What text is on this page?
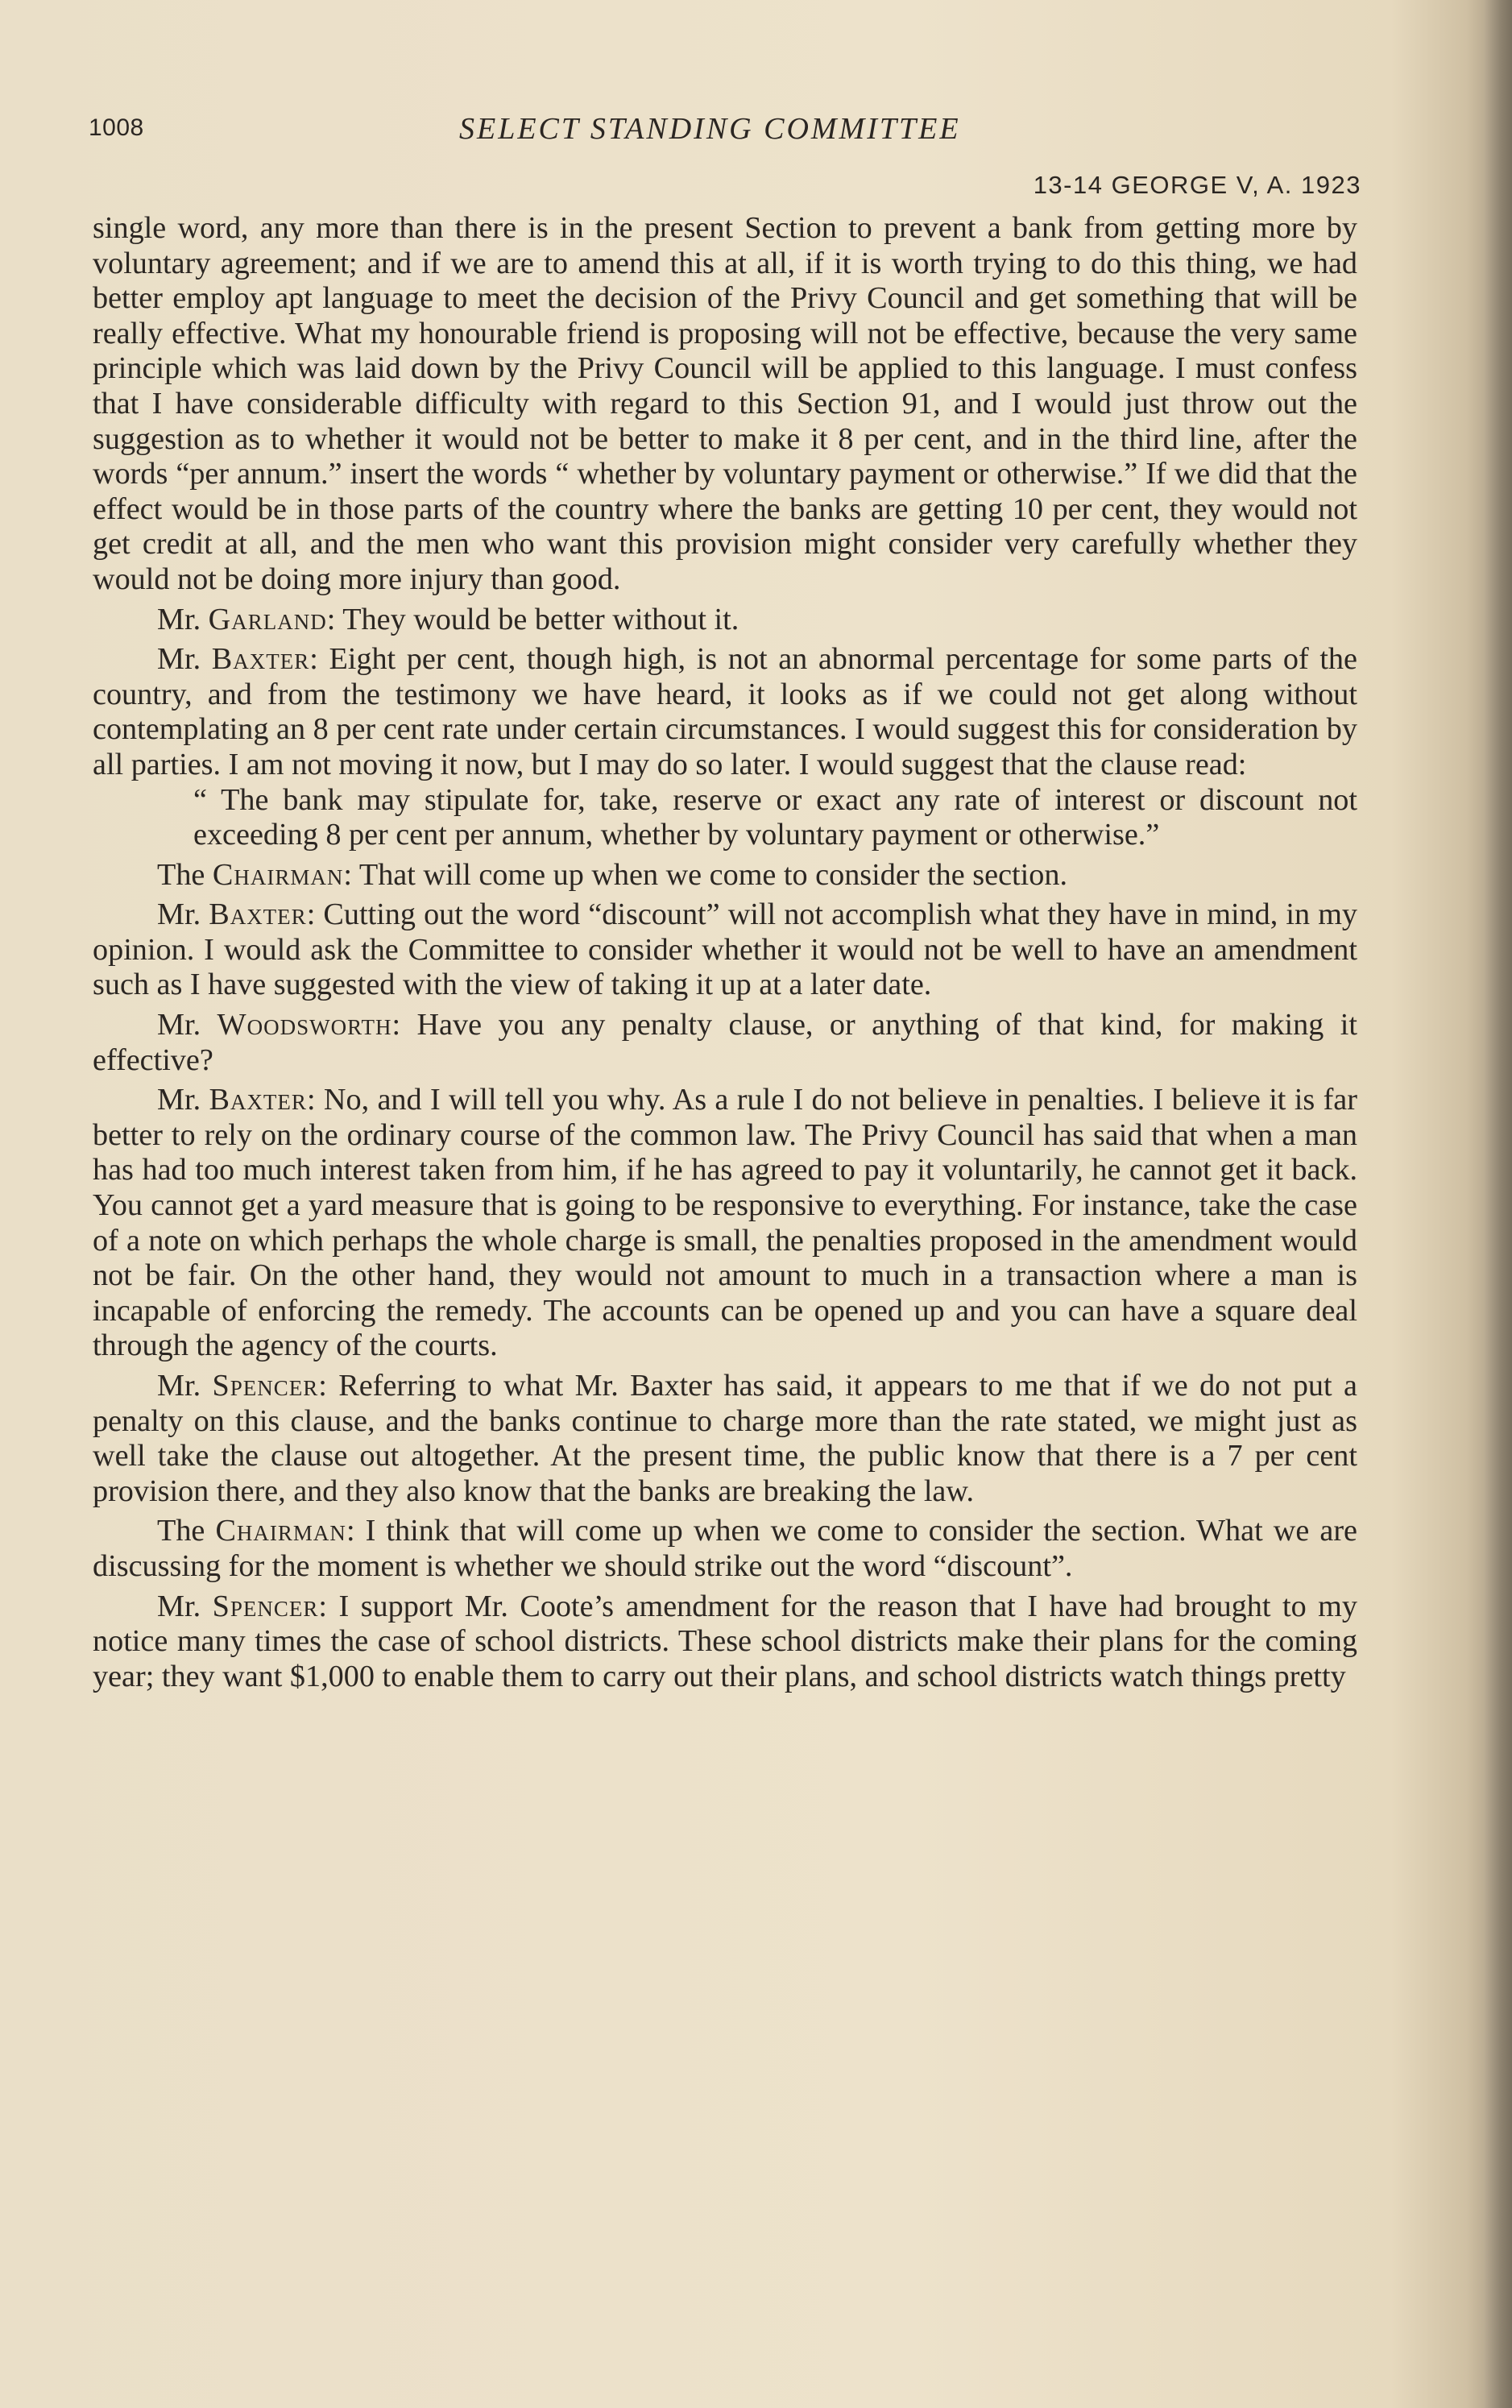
1008	SELECT STANDING COMMITTEE
13-14 GEORGE V, A. 1923

single word, any more than there is in the present Section to prevent a bank from getting more by voluntary agreement; and if we are to amend this at all, if it is worth trying to do this thing, we had better employ apt language to meet the decision of the Privy Council and get something that will be really effective. What my honourable friend is proposing will not be effective, because the very same principle which was laid down by the Privy Council will be applied to this language. I must confess that I have considerable difficulty with regard to this Section 91, and I would just throw out the suggestion as to whether it would not be better to make it 8 per cent, and in the third line, after the words “per annum.” insert the words “ whether by voluntary payment or otherwise.” If we did that the effect would be in those parts of the country where the banks are getting 10 per cent, they would not get credit at all, and the men who want this provision might consider very carefully whether they would not be doing more injury than good.

Mr. Garland: They would be better without it.

Mr. Baxter: Eight per cent, though high, is not an abnormal percentage for some parts of the country, and from the testimony we have heard, it looks as if we could not get along without contemplating an 8 per cent rate under certain circumstances. I would suggest this for consideration by all parties. I am not moving it now, but I may do so later. I would suggest that the clause read:

“ The bank may stipulate for, take, reserve or exact any rate of interest or discount not exceeding 8 per cent per annum, whether by voluntary payment or otherwise.”

The Chairman: That will come up when we come to consider the section.

Mr. Baxter: Cutting out the word “discount” will not accomplish what they have in mind, in my opinion. I would ask the Committee to consider whether it would not be well to have an amendment such as I have suggested with the view of taking it up at a later date.

Mr. Woodsworth: Have you any penalty clause, or anything of that kind, for making it effective?

Mr. Baxter: No, and I will tell you why. As a rule I do not believe in penalties. I believe it is far better to rely on the ordinary course of the common law. The Privy Council has said that when a man has had too much interest taken from him, if he has agreed to pay it voluntarily, he cannot get it back. You cannot get a yard measure that is going to be responsive to everything. For instance, take the case of a note on which perhaps the whole charge is small, the penalties proposed in the amendment would not be fair. On the other hand, they would not amount to much in a transaction where a man is incapable of enforcing the remedy. The accounts can be opened up and you can have a square deal through the agency of the courts.

Mr. Spencer: Referring to what Mr. Baxter has said, it appears to me that if we do not put a penalty on this clause, and the banks continue to charge more than the rate stated, we might just as well take the clause out altogether. At the present time, the public know that there is a 7 per cent provision there, and they also know that the banks are breaking the law.

The Chairman: I think that will come up when we come to consider the section. What we are discussing for the moment is whether we should strike out the word “discount”.

Mr. Spencer: I support Mr. Coote’s amendment for the reason that I have had brought to my notice many times the case of school districts. These school districts make their plans for the coming year; they want $1,000 to enable them to carry out their plans, and school districts watch things pretty
